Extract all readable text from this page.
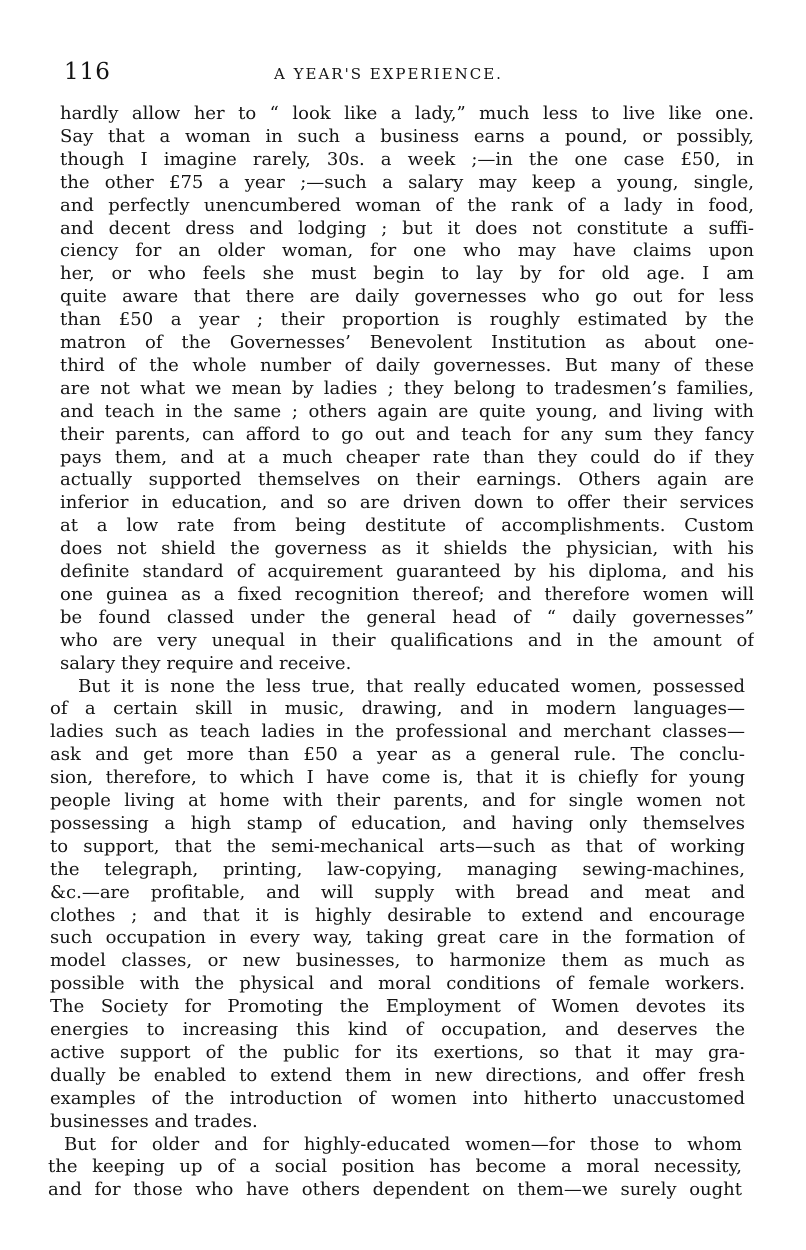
116	A YEAR'S EXPERIENCE.
hardly allow her to “ look like a lady,” much less to live like one.
Say that a woman in such a business earns a pound, or possibly,
though I imagine rarely, 30s. a week ;—in the one case £50, in
the other £75 a year ;—such a salary may keep a young, single,
and perfectly unencumbered woman of the rank of a lady in food,
and decent dress and lodging ; but it does not constitute a suffi-
ciency for an older woman, for one who may have claims upon
her, or who feels she must begin to lay by for old age. I am
quite aware that there are daily governesses who go out for less
than £50 a year ; their proportion is roughly estimated by the
matron of the Governesses’ Benevolent Institution as about one-
third of the whole number of daily governesses. But many of these
are not what we mean by ladies ; they belong to tradesmen’s families,
and teach in the same ; others again are quite young, and living with
their parents, can afford to go out and teach for any sum they fancy
pays them, and at a much cheaper rate than they could do if they
actually supported themselves on their earnings. Others again are
inferior in education, and so are driven down to offer their services
at a low rate from being destitute of accomplishments. Custom
does not shield the governess as it shields the physician, with his
definite standard of acquirement guaranteed by his diploma, and his
one guinea as a fixed recognition thereof; and therefore women will
be found classed under the general head of “ daily governesses”
who are very unequal in their qualifications and in the amount of
salary they require and receive.
But it is none the less true, that really educated women, possessed
of a certain skill in music, drawing, and in modern languages—
ladies such as teach ladies in the professional and merchant classes—
ask and get more than £50 a year as a general rule. The conclu-
sion, therefore, to which I have come is, that it is chiefly for young
people living at home with their parents, and for single women not
possessing a high stamp of education, and having only themselves
to support, that the semi-mechanical arts—such as that of working
the telegraph, printing, law-copying, managing sewing-machines,
&c.—are profitable, and will supply with bread and meat and
clothes ; and that it is highly desirable to extend and encourage
such occupation in every way, taking great care in the formation of
model classes, or new businesses, to harmonize them as much as
possible with the physical and moral conditions of female workers.
The Society for Promoting the Employment of Women devotes its
energies to increasing this kind of occupation, and deserves the
active support of the public for its exertions, so that it may gra-
dually be enabled to extend them in new directions, and offer fresh
examples of the introduction of women into hitherto unaccustomed
businesses and trades.
But for older and for highly-educated women—for those to whom
the keeping up of a social position has become a moral necessity,
and for those who have others dependent on them—we surely ought
